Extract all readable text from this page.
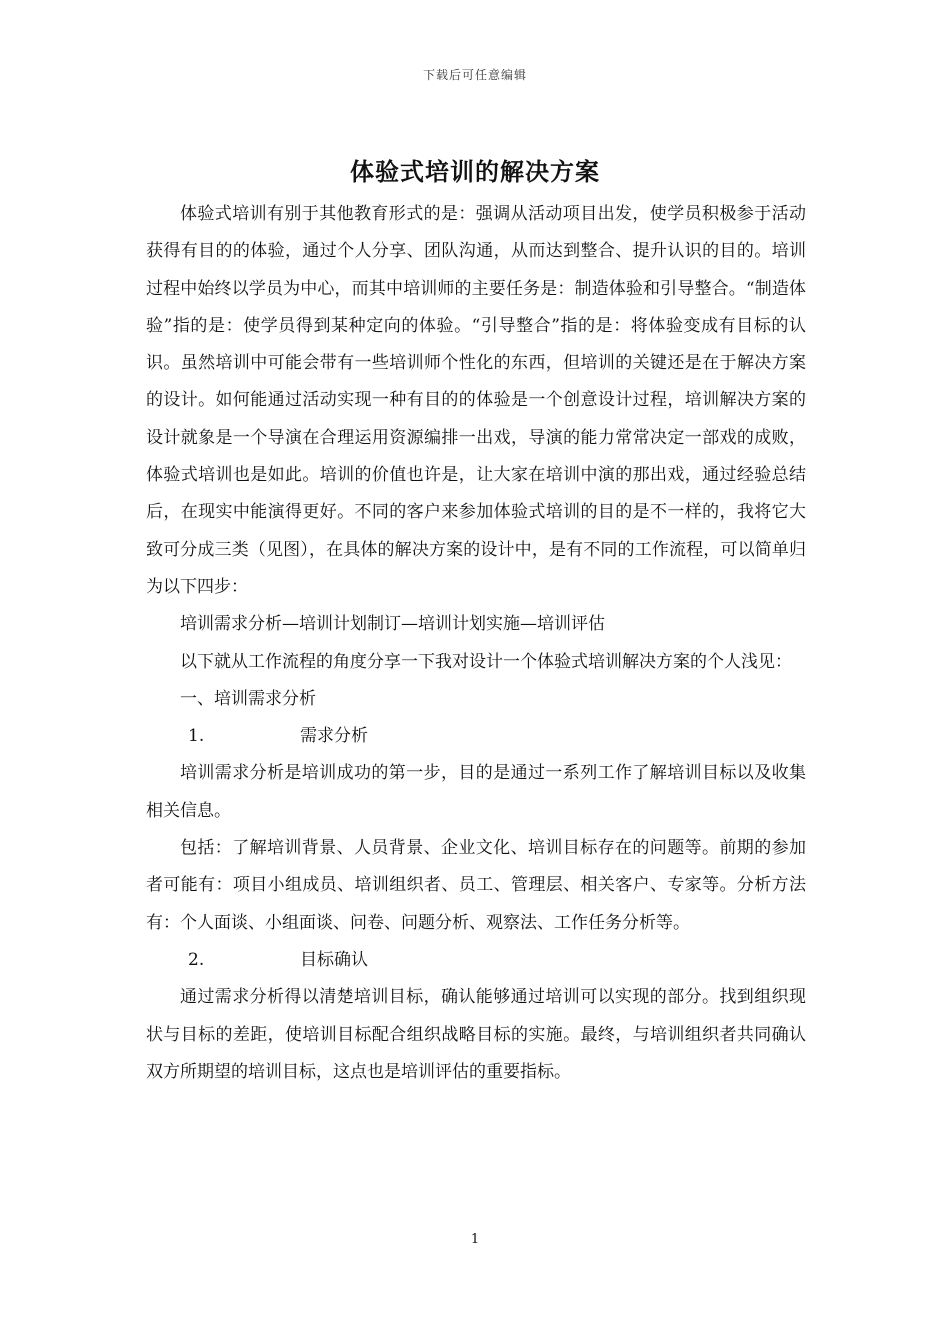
下载后可任意编辑
体验式培训的解决方案

体验式培训有别于其他教育形式的是：强调从活动项目出发，使学员积极参于活动获得有目的的体验，通过个人分享、团队沟通，从而达到整合、提升认识的目的。培训过程中始终以学员为中心，而其中培训师的主要任务是：制造体验和引导整合。“制造体验”指的是：使学员得到某种定向的体验。“引导整合”指的是：将体验变成有目标的认识。虽然培训中可能会带有一些培训师个性化的东西，但培训的关键还是在于解决方案的设计。如何能通过活动实现一种有目的的体验是一个创意设计过程，培训解决方案的设计就象是一个导演在合理运用资源编排一出戏，导演的能力常常决定一部戏的成败，体验式培训也是如此。培训的价值也许是，让大家在培训中演的那出戏，通过经验总结后，在现实中能演得更好。不同的客户来参加体验式培训的目的是不一样的，我将它大致可分成三类（见图），在具体的解决方案的设计中，是有不同的工作流程，可以简单归为以下四步：

培训需求分析—培训计划制订—培训计划实施—培训评估

以下就从工作流程的角度分享一下我对设计一个体验式培训解决方案的个人浅见：

一、培训需求分析

1.	需求分析

培训需求分析是培训成功的第一步，目的是通过一系列工作了解培训目标以及收集相关信息。

包括：了解培训背景、人员背景、企业文化、培训目标存在的问题等。前期的参加者可能有：项目小组成员、培训组织者、员工、管理层、相关客户、专家等。分析方法有：个人面谈、小组面谈、问卷、问题分析、观察法、工作任务分析等。

2.	目标确认

通过需求分析得以清楚培训目标，确认能够通过培训可以实现的部分。找到组织现状与目标的差距，使培训目标配合组织战略目标的实施。最终，与培训组织者共同确认双方所期望的培训目标，这点也是培训评估的重要指标。

1
